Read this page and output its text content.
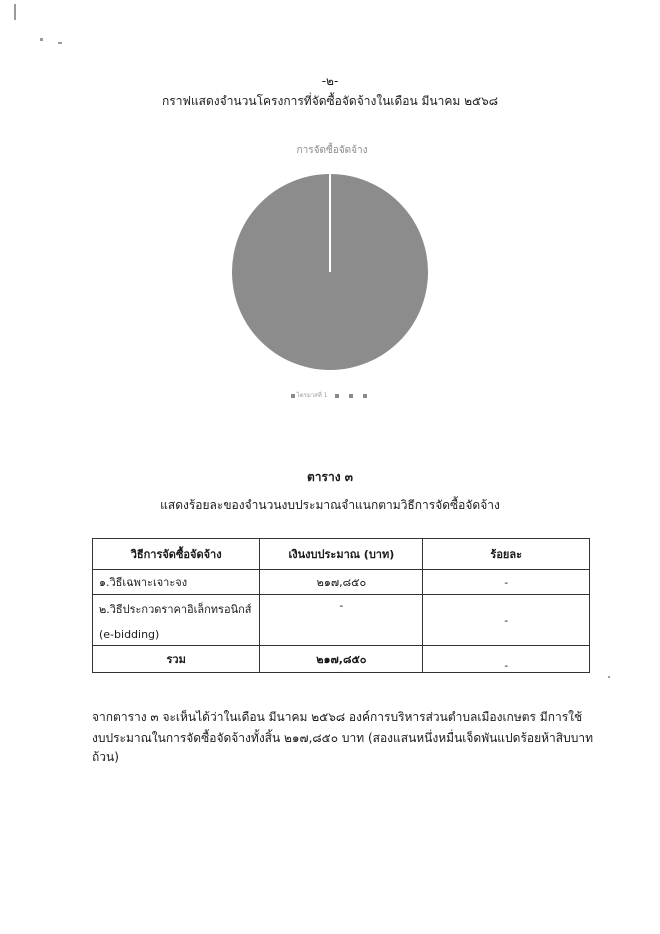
-๒-
กราฟแสดงจำนวนโครงการที่จัดซื้อจัดจ้างในเดือน มีนาคม ๒๕๖๘
การจัดซื้อจัดจ้าง
ไตรมาสที่ 1
ตาราง ๓
แสดงร้อยละของจำนวนงบประมาณจำแนกตามวิธีการจัดซื้อจัดจ้าง
วิธีการจัดซื้อจัดจ้าง	เงินงบประมาณ (บาท)	ร้อยละ
๑.วิธีเฉพาะเจาะจง	๒๑๗,๘๕๐	-

๒.วิธีประกวดราคาอิเล็กทรอนิกส์
(e-bidding)	-	-
รวม	๒๑๗,๘๕๐	-
จากตาราง ๓ จะเห็นได้ว่าในเดือน มีนาคม ๒๕๖๘ องค์การบริหารส่วนตำบลเมืองเกษตร มีการใช้
งบประมาณในการจัดซื้อจัดจ้างทั้งสิ้น ๒๑๗,๘๕๐ บาท (สองแสนหนึ่งหมื่นเจ็ดพันแปดร้อยห้าสิบบาทถ้วน)
